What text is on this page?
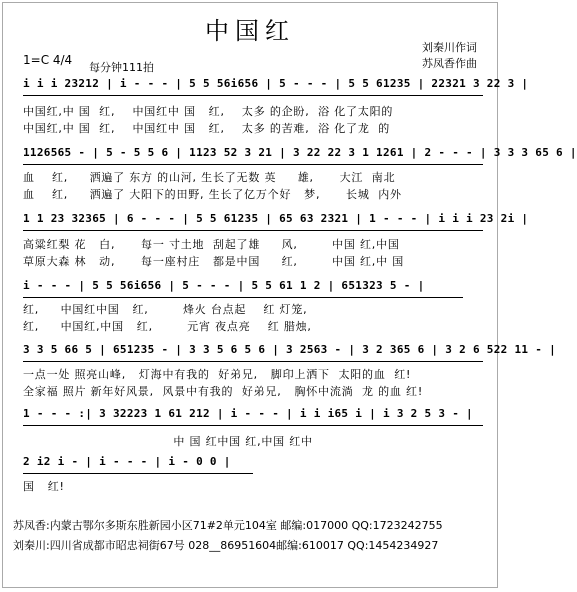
中国红
刘秦川作词
苏凤香作曲
1=C 4/4
每分钟111拍
i i i 23212 | i - - - | 5 5 56i656 | 5 - - - | 5 5 61235 | 22321 3 22 3 |
中国红,中 国  红,    中国红中 国   红,    太多 的企盼,  浴 化了太阳的
中国红,中 国  红,    中国红中 国   红,    太多 的苦难,  浴 化了龙  的
1126565 - | 5 - 5 5 6 | 1123 52 3 21 | 3 22 22 3 1 1261 | 2 - - - | 3 3 3 65 6 |
血    红,     洒遍了 东方 的山河, 生长了无数 英     雄,      大江  南北
血    红,     洒遍了 大阳下的田野, 生长了亿万个好   梦,      长城  内外
1 1 23 32365 | 6 - - - | 5 5 61235 | 65 63 2321 | 1 - - - | i i i 23 2i |
高粱红梨 花   白,      每一 寸土地  刮起了雄     风,        中国 红,中国
草原大森 林   动,      每一座村庄   都是中国     红,        中国 红,中 国
i - - - | 5 5 56i656 | 5 - - - | 5 5 61 1 2 | 651323 5 - |
红,     中国红中国   红,        烽火 台点起    红 灯笼,
红,     中国红,中国   红,        元宵 夜点亮    红 腊烛,
3 3 5 66 5 | 651235 - | 3 3 5 6 5 6 | 3 2563 - | 3 2 365 6 | 3 2 6 522 11 - |
一点一处 照亮山峰,   灯海中有我的  好弟兄,   脚印上洒下  太阳的血  红!
全家福 照片 新年好风景,  风景中有我的  好弟兄,   胸怀中流淌  龙 的血 红!
1 - - - :| 3 32223 1 61 212 | i - - - | i i i65 i | i 3 2 5 3 - |
中 国 红中国 红,中国 红中
2 i2 i - | i - - - | i - 0 0 |
国   红!
苏凤香:内蒙古鄂尔多斯东胜新园小区71#2单元104室 邮编:017000 QQ:1723242755
刘秦川:四川省成都市昭忠祠街67号 028__86951604邮编:610017 QQ:1454234927
